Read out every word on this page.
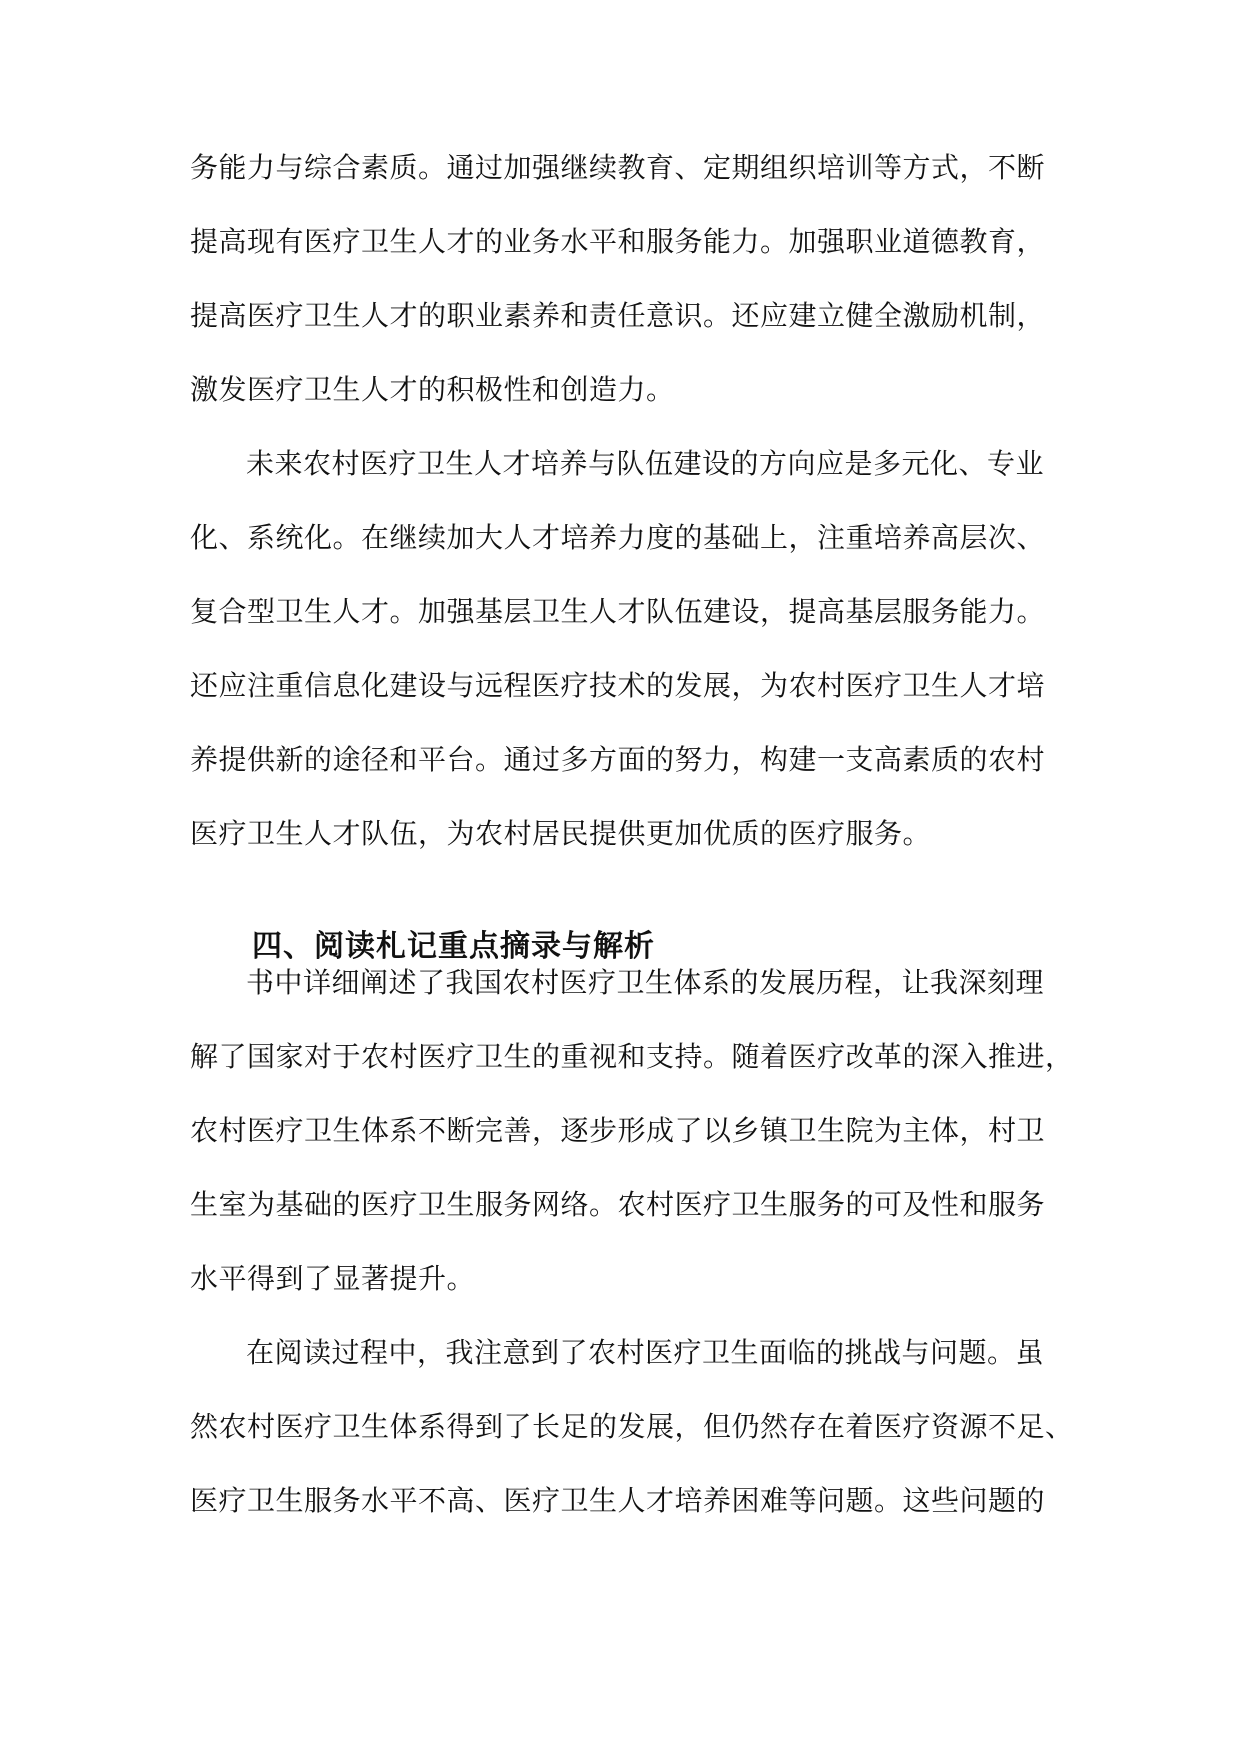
务能力与综合素质。通过加强继续教育、定期组织培训等方式，不断
提高现有医疗卫生人才的业务水平和服务能力。加强职业道德教育，
提高医疗卫生人才的职业素养和责任意识。还应建立健全激励机制，
激发医疗卫生人才的积极性和创造力。
未来农村医疗卫生人才培养与队伍建设的方向应是多元化、专业
化、系统化。在继续加大人才培养力度的基础上，注重培养高层次、
复合型卫生人才。加强基层卫生人才队伍建设，提高基层服务能力。
还应注重信息化建设与远程医疗技术的发展，为农村医疗卫生人才培
养提供新的途径和平台。通过多方面的努力，构建一支高素质的农村
医疗卫生人才队伍，为农村居民提供更加优质的医疗服务。
四、阅读札记重点摘录与解析
书中详细阐述了我国农村医疗卫生体系的发展历程，让我深刻理
解了国家对于农村医疗卫生的重视和支持。随着医疗改革的深入推进，
农村医疗卫生体系不断完善，逐步形成了以乡镇卫生院为主体，村卫
生室为基础的医疗卫生服务网络。农村医疗卫生服务的可及性和服务
水平得到了显著提升。
在阅读过程中，我注意到了农村医疗卫生面临的挑战与问题。虽
然农村医疗卫生体系得到了长足的发展，但仍然存在着医疗资源不足、
医疗卫生服务水平不高、医疗卫生人才培养困难等问题。这些问题的
